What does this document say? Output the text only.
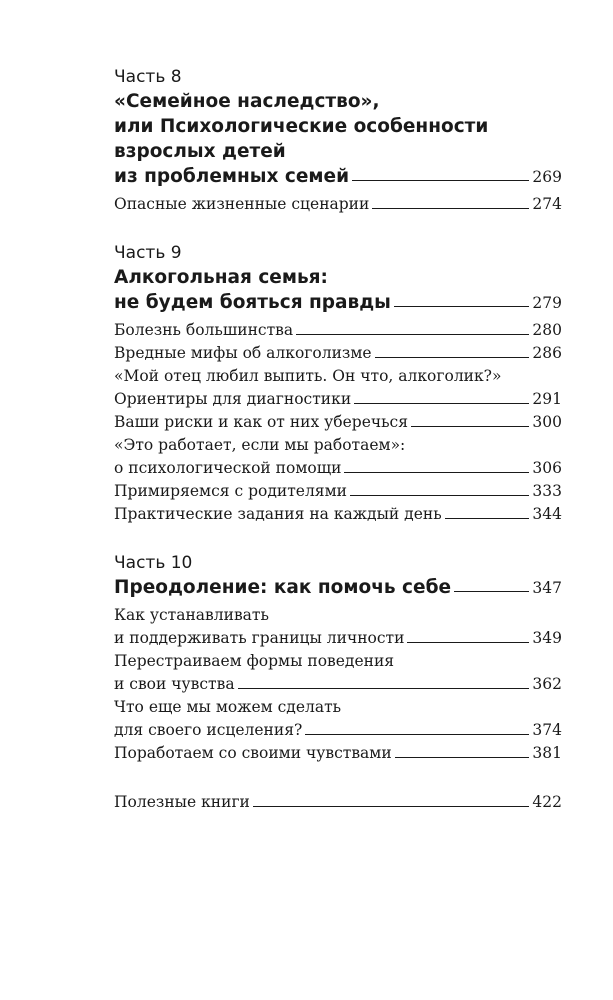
Часть 8
«Семейное наследство»,
или Психологические особенности
взрослых детей
из проблемных семей	269
Опасные жизненные сценарии	274
Часть 9
Алкогольная семья:
не будем бояться правды	279
Болезнь большинства	280
Вредные мифы об алкоголизме	286
«Мой отец любил выпить. Он что, алкоголик?»
Ориентиры для диагностики	291
Ваши риски и как от них уберечься	300
«Это работает, если мы работаем»:
о психологической помощи	306
Примиряемся с родителями	333
Практические задания на каждый день	344
Часть 10
Преодоление: как помочь себе	347
Как устанавливать
и поддерживать границы личности	349
Перестраиваем формы поведения
и свои чувства	362
Что еще мы можем сделать
для своего исцеления?	374
Поработаем со своими чувствами	381
Полезные книги	422
